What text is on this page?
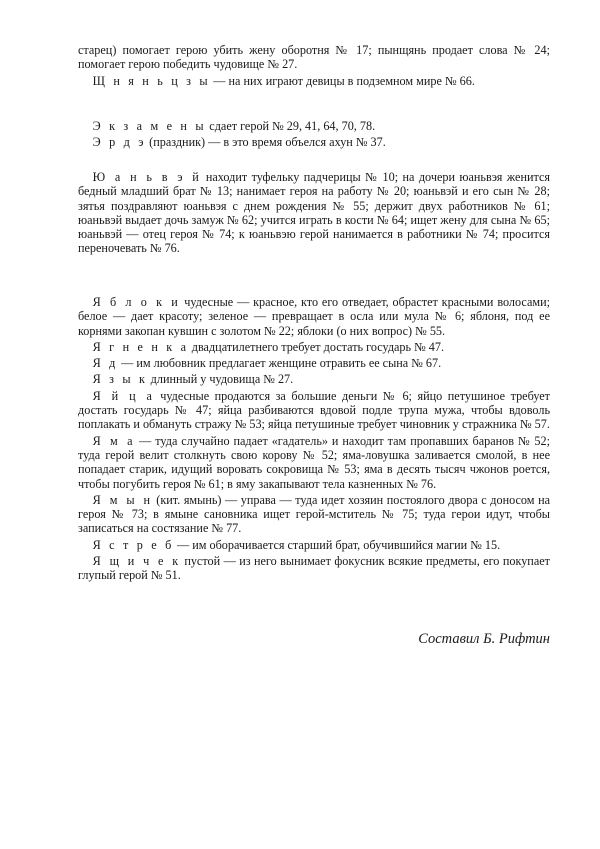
старец) помогает герою убить жену оборотня № 17; пынщянь продает слова № 24; помогает герою победить чудовище № 27.

Щ н я н ь ц з ы — на них играют девицы в подземном мире № 66.

Э к з а м е н ы сдает герой № 29, 41, 64, 70, 78.

Э р д э (праздник) — в это время объелся ахун № 37.

Ю а н ь в э й находит туфельку падчерицы № 10; на дочери юаньвэя женится бедный младший брат № 13; нанимает героя на работу № 20; юаньвэй и его сын № 28; зятья поздравляют юаньвэя с днем рождения № 55; держит двух работников № 61; юаньвэй выдает дочь замуж № 62; учится играть в кости № 64; ищет жену для сына № 65; юаньвэй — отец героя № 74; к юаньвэю герой нанимается в работники № 74; просится переночевать № 76.

Я б л о к и чудесные — красное, кто его отведает, обрастет красными волосами; белое — дает красоту; зеленое — превращает в осла или мула № 6; яблоня, под ее корнями закопан кувшин с золотом № 22; яблоки (о них вопрос) № 55.

Я г н е н к а двадцатилетнего требует достать государь № 47.

Я д — им любовник предлагает женщине отравить ее сына № 67.

Я з ы к длинный у чудовища № 27.

Я й ц а чудесные продаются за большие деньги № 6; яйцо петушиное требует достать государь № 47; яйца разбиваются вдовой подле трупа мужа, чтобы вдоволь поплакать и обмануть стражу № 53; яйца петушиные требует чиновник у стражника № 57.

Я м а — туда случайно падает «гадатель» и находит там пропавших баранов № 52; туда герой велит столкнуть свою корову № 52; яма-ловушка заливается смолой, в нее попадает старик, идущий воровать сокровища № 53; яма в десять тысяч чжонов роется, чтобы погубить героя № 61; в яму закапывают тела казненных № 76.

Я м ы н (кит. ямынь) — управа — туда идет хозяин постоялого двора с доносом на героя № 73; в ямыне сановника ищет герой-мститель № 75; туда герои идут, чтобы записаться на состязание № 77.

Я с т р е б — им оборачивается старший брат, обучившийся магии № 15.

Я щ и ч е к пустой — из него вынимает фокусник всякие предметы, его покупает глупый герой № 51.

Составил Б. Рифтин
